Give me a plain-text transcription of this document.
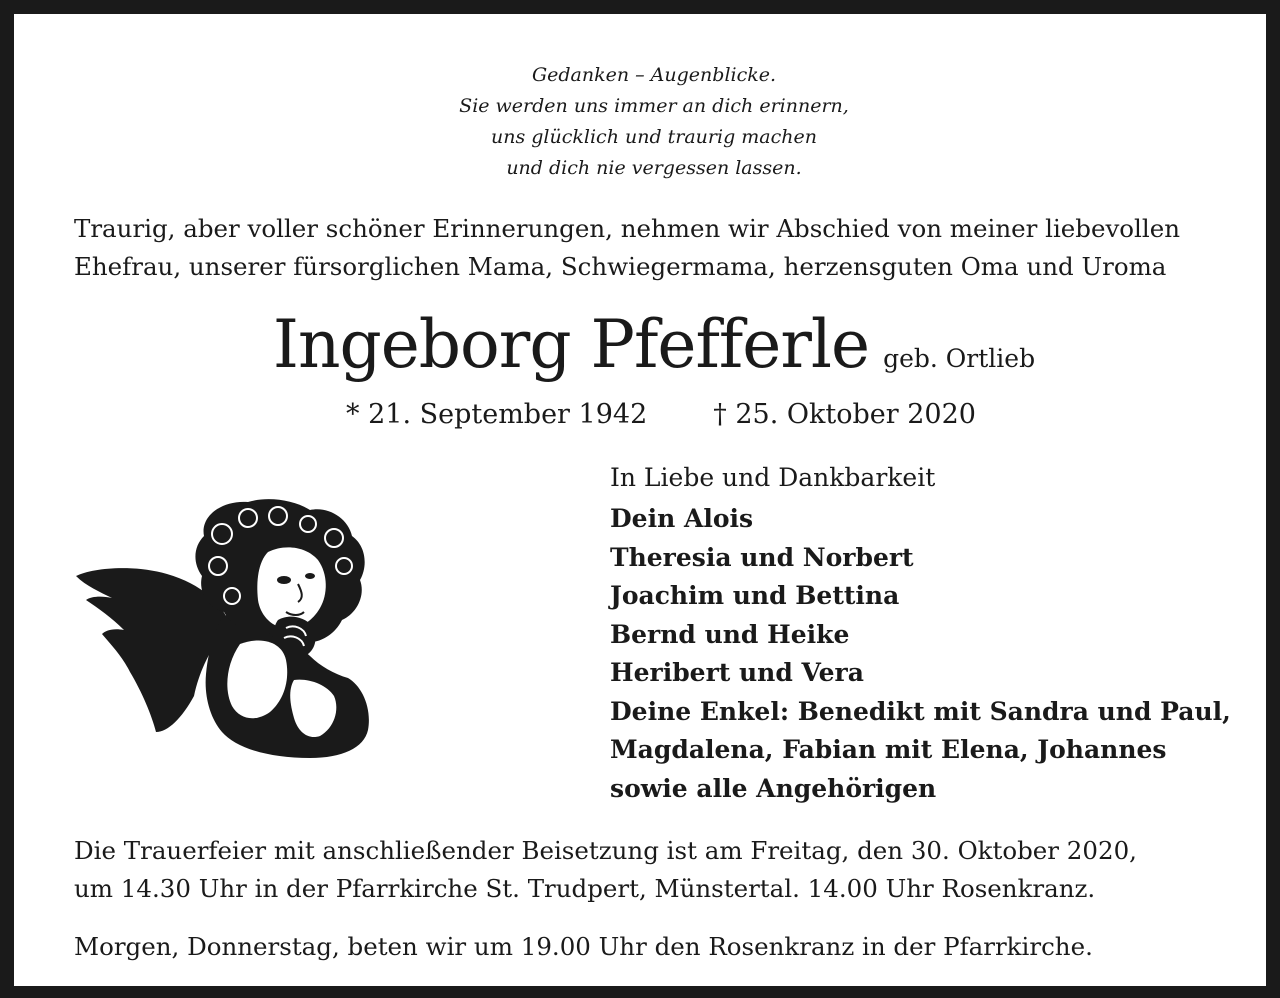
Gedanken – Augenblicke.
Sie werden uns immer an dich erinnern,
uns glücklich und traurig machen
und dich nie vergessen lassen.
Traurig, aber voller schöner Erinnerungen, nehmen wir Abschied von meiner liebevollen
Ehefrau, unserer fürsorglichen Mama, Schwiegermama, herzensguten Oma und Uroma
Ingeborg Pfefferle geb. Ortlieb
* 21. September 1942 † 25. Oktober 2020
In Liebe und Dankbarkeit
Dein Alois
Theresia und Norbert
Joachim und Bettina
Bernd und Heike
Heribert und Vera
Deine Enkel: Benedikt mit Sandra und Paul,
Magdalena, Fabian mit Elena, Johannes
sowie alle Angehörigen
Die Trauerfeier mit anschließender Beisetzung ist am Freitag, den 30. Oktober 2020,
um 14.30 Uhr in der Pfarrkirche St. Trudpert, Münstertal. 14.00 Uhr Rosenkranz.
Morgen, Donnerstag, beten wir um 19.00 Uhr den Rosenkranz in der Pfarrkirche.
